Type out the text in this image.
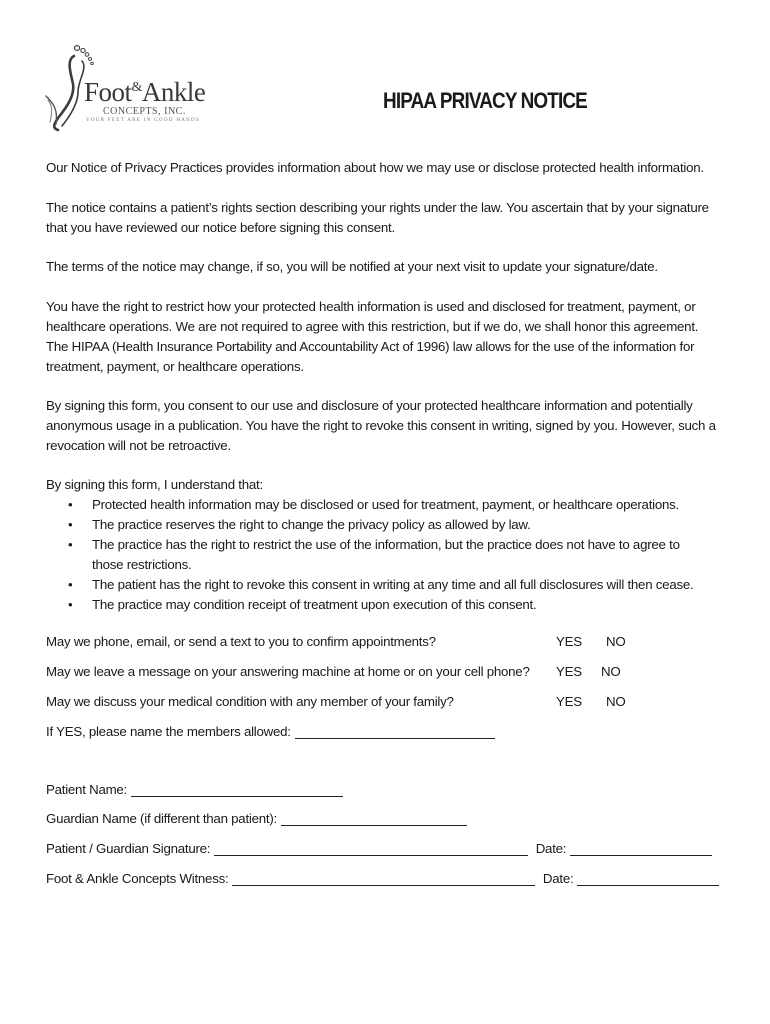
Foot&Ankle
CONCEPTS, INC.
YOUR FEET ARE IN GOOD HANDS
HIPAA PRIVACY NOTICE

Our Notice of Privacy Practices provides information about how we may use or disclose protected health information.

The notice contains a patient’s rights section describing your rights under the law. You ascertain that by your signature

that you have reviewed our notice before signing this consent.

The terms of the notice may change, if so, you will be notified at your next visit to update your signature/date.

You have the right to restrict how your protected health information is used and disclosed for treatment, payment, or

healthcare operations. We are not required to agree with this restriction, but if we do, we shall honor this agreement.

The HIPAA (Health Insurance Portability and Accountability Act of 1996) law allows for the use of the information for

treatment, payment, or healthcare operations.

By signing this form, you consent to our use and disclosure of your protected healthcare information and potentially

anonymous usage in a publication. You have the right to revoke this consent in writing, signed by you. However, such a

revocation will not be retroactive.

By signing this form, I understand that:

• Protected health information may be disclosed or used for treatment, payment, or healthcare operations.
• The practice reserves the right to change the privacy policy as allowed by law.
• The practice has the right to restrict the use of the information, but the practice does not have to agree to
those restrictions.
• The patient has the right to revoke this consent in writing at any time and all full disclosures will then cease.
• The practice may condition receipt of treatment upon execution of this consent.
May we phone, email, or send a text to you to confirm appointments?	YES NO
May we leave a message on your answering machine at home or on your cell phone? YES NO
May we discuss your medical condition with any member of your family?	YES NO
If YES, please name the members allowed:
Patient Name:
Guardian Name (if different than patient):
Patient / Guardian Signature:	Date:
Foot & Ankle Concepts Witness:	Date:
